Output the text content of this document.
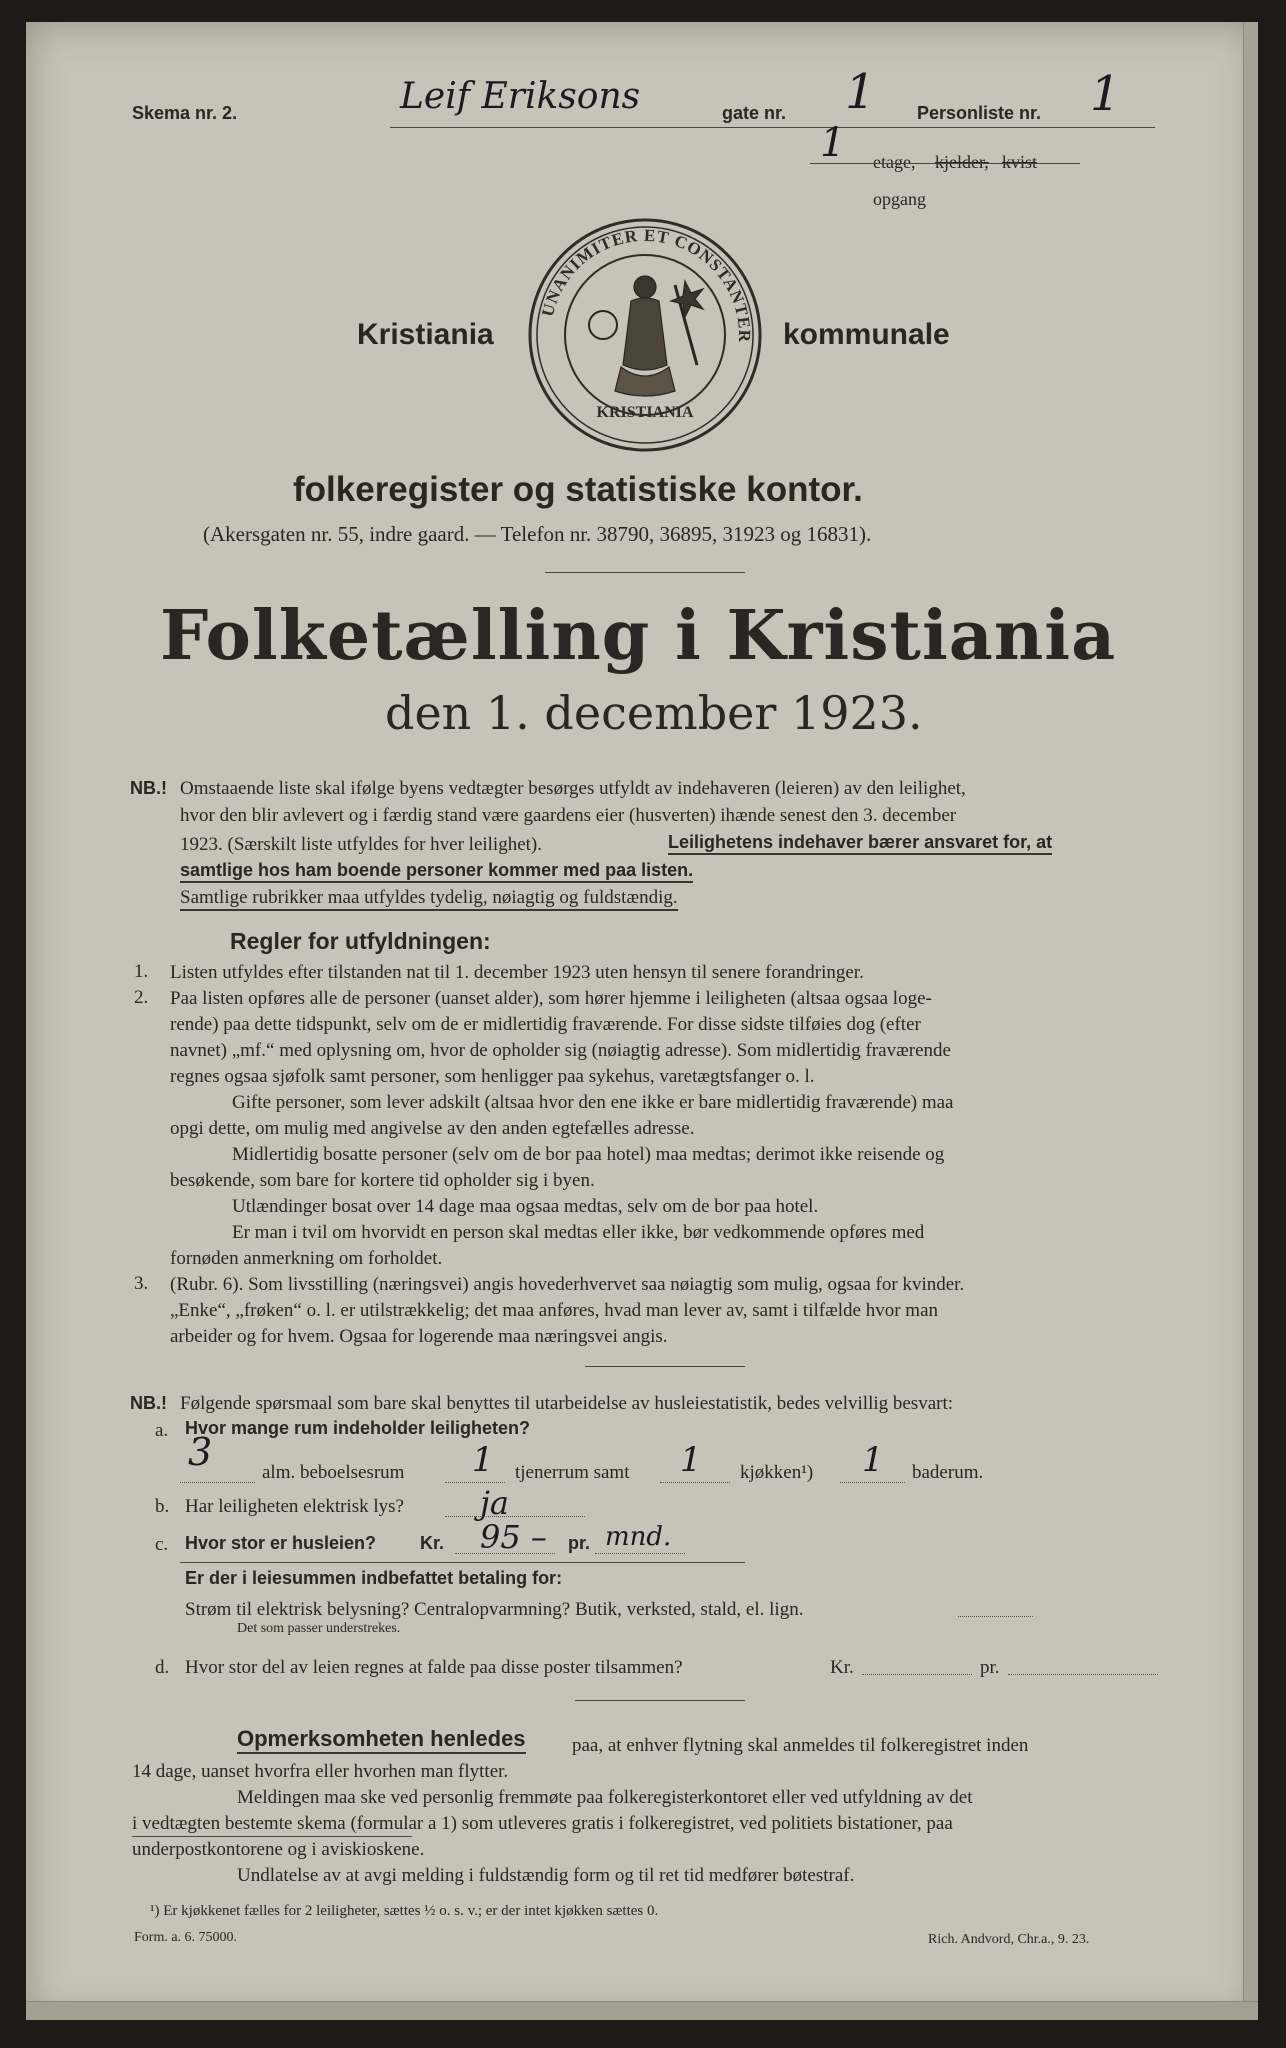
Skema nr. 2.	Leif Eriksons	gate nr. 1 Personliste nr. 1
1 etage, kjelder, kvist
opgang
UNANIMITER ET CONSTANTER
KRISTIANIA
Kristiania	kommunale
folkeregister og statistiske kontor.
(Akersgaten nr. 55, indre gaard. — Telefon nr. 38790, 36895, 31923 og 16831).
Folketælling i Kristiania
den 1. december 1923.
NB.! Omstaaende liste skal ifølge byens vedtægter besørges utfyldt av indehaveren (leieren) av den leilighet,
hvor den blir avlevert og i færdig stand være gaardens eier (husverten) ihænde senest den 3. december
1923. (Særskilt liste utfyldes for hver leilighet).	Leilighetens indehaver bærer ansvaret for, at
samtlige hos ham boende personer kommer med paa listen.
Samtlige rubrikker maa utfyldes tydelig, nøiagtig og fuldstændig.
Regler for utfyldningen:
1. Listen utfyldes efter tilstanden nat til 1. december 1923 uten hensyn til senere forandringer.
2. Paa listen opføres alle de personer (uanset alder), som hører hjemme i leiligheten (altsaa ogsaa loge-
rende) paa dette tidspunkt, selv om de er midlertidig fraværende. For disse sidste tilføies dog (efter
navnet) „mf.“ med oplysning om, hvor de opholder sig (nøiagtig adresse). Som midlertidig fraværende
regnes ogsaa sjøfolk samt personer, som henligger paa sykehus, varetægtsfanger o. l.
Gifte personer, som lever adskilt (altsaa hvor den ene ikke er bare midlertidig fraværende) maa
opgi dette, om mulig med angivelse av den anden egtefælles adresse.
Midlertidig bosatte personer (selv om de bor paa hotel) maa medtas; derimot ikke reisende og
besøkende, som bare for kortere tid opholder sig i byen.
Utlændinger bosat over 14 dage maa ogsaa medtas, selv om de bor paa hotel.
Er man i tvil om hvorvidt en person skal medtas eller ikke, bør vedkommende opføres med
fornøden anmerkning om forholdet.
3. (Rubr. 6). Som livsstilling (næringsvei) angis hovederhvervet saa nøiagtig som mulig, ogsaa for kvinder.
„Enke“, „frøken“ o. l. er utilstrækkelig; det maa anføres, hvad man lever av, samt i tilfælde hvor man
arbeider og for hvem. Ogsaa for logerende maa næringsvei angis.
NB.! Følgende spørsmaal som bare skal benyttes til utarbeidelse av husleiestatistik, bedes velvillig besvart:
a. Hvor mange rum indeholder leiligheten?
3	alm. beboelsesrum 1 tjenerrum samt 1 kjøkken¹) 1 baderum.
b. Har leiligheten elektrisk lys? ja
c. Hvor stor er husleien? Kr. 95 – pr. mnd.
Er der i leiesummen indbefattet betaling for:
Strøm til elektrisk belysning? Centralopvarmning? Butik, verksted, stald, el. lign.
Det som passer understrekes.
d. Hvor stor del av leien regnes at falde paa disse poster tilsammen?	Kr.	pr.
Opmerksomheten henledes paa, at enhver flytning skal anmeldes til folkeregistret inden
14 dage, uanset hvorfra eller hvorhen man flytter.
Meldingen maa ske ved personlig fremmøte paa folkeregisterkontoret eller ved utfyldning av det
i vedtægten bestemte skema (formular a 1) som utleveres gratis i folkeregistret, ved politiets bistationer, paa
underpostkontorene og i aviskioskene.
Undlatelse av at avgi melding i fuldstændig form og til ret tid medfører bøtestraf.
¹) Er kjøkkenet fælles for 2 leiligheter, sættes ½ o. s. v.; er der intet kjøkken sættes 0.
Form. a. 6. 75000.	Rich. Andvord, Chr.a., 9. 23.
